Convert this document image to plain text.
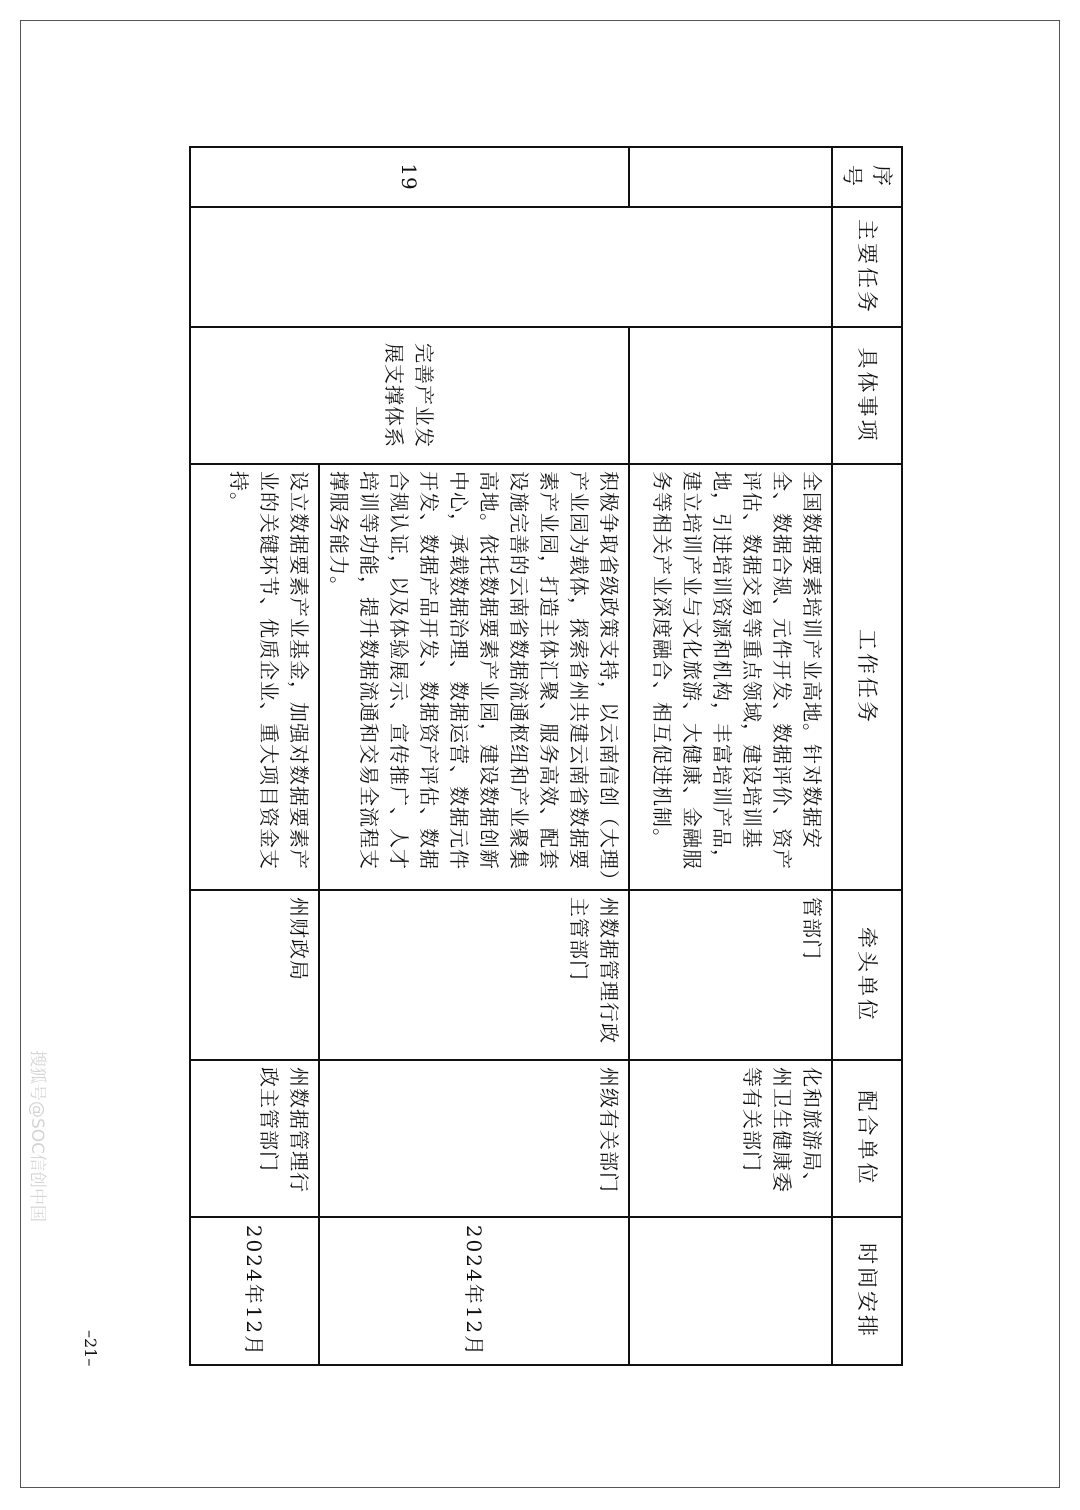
搜狐号@SOC信创中国
–21–
序号	主要任务	具体事项	工作任务	牵头单位	配合单位	时间安排
			全国数据要素培训产业高地。针对数据安全、数据合规、元件开发、数据评价、资产评估、数据交易等重点领域，建设培训基地，引进培训资源和机构，丰富培训产品，建立培训产业与文化旅游、大健康、金融服务等相关产业深度融合、相互促进机制。	管部门	化和旅游局、州卫生健康委等有关部门	
19		完善产业发展支撑体系	积极争取省级政策支持，以云南信创（大理）产业园为载体，探索省州共建云南省数据要素产业园，打造主体汇聚、服务高效、配套设施完善的云南省数据流通枢纽和产业聚集高地。依托数据要素产业园，建设数据创新中心，承载数据治理、数据运营、数据元件开发、数据产品开发、数据资产评估、数据合规认证，以及体验展示、宣传推广、人才培训等功能，提升数据流通和交易全流程支撑服务能力。	州数据管理行政主管部门	州级有关部门	2024年12月
			设立数据要素产业基金，加强对数据要素产业的关键环节、优质企业、重大项目资金支持。	州财政局	州数据管理行政主管部门	2024年12月
